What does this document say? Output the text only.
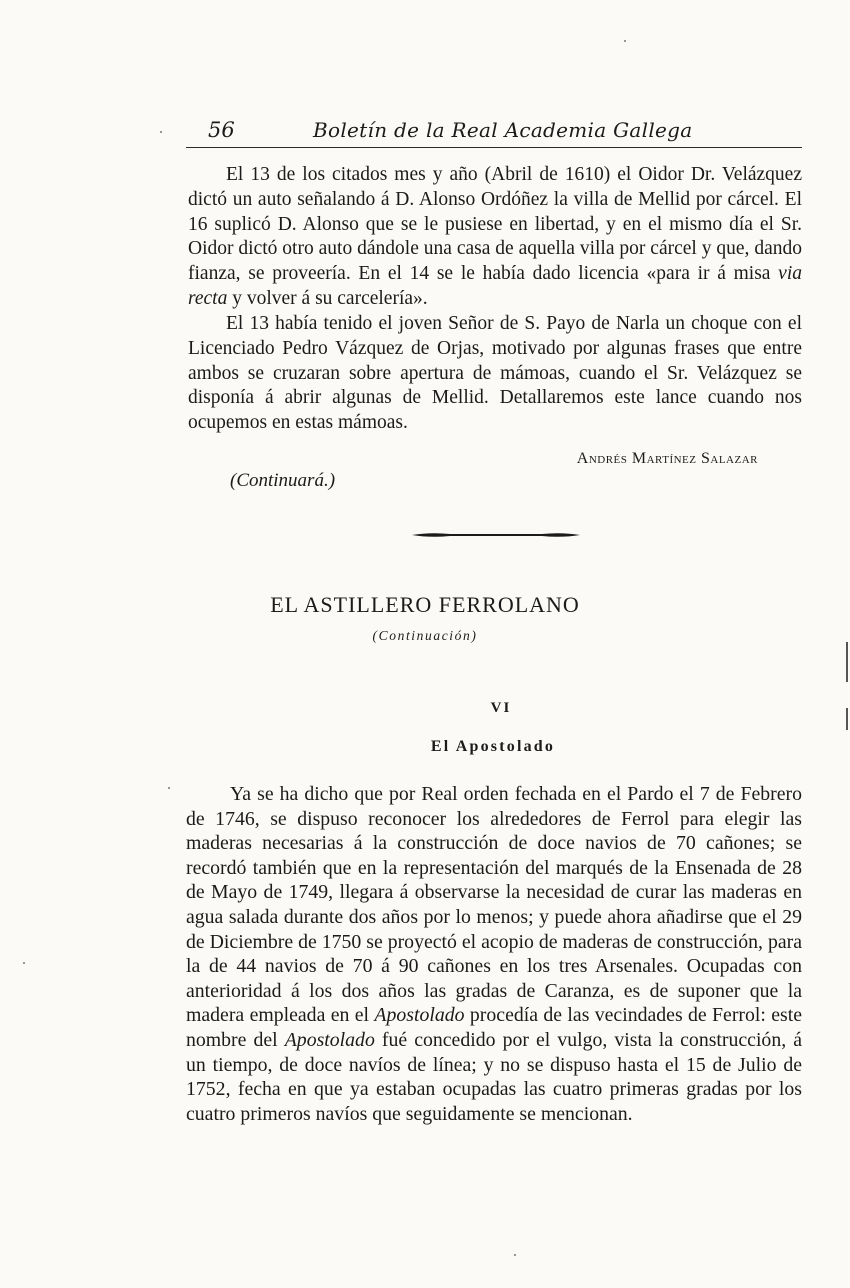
56	Boletín de la Real Academia Gallega

El 13 de los citados mes y año (Abril de 1610) el Oidor Dr. Velázquez dictó un auto señalando á D. Alonso Ordóñez la villa de Mellid por cárcel. El 16 suplicó D. Alonso que se le pusiese en libertad, y en el mismo día el Sr. Oidor dictó otro auto dándole una casa de aquella villa por cárcel y que, dando fianza, se proveería. En el 14 se le había dado licencia «para ir á misa via recta y volver á su carcelería».

El 13 había tenido el joven Señor de S. Payo de Narla un choque con el Licenciado Pedro Vázquez de Orjas, motivado por algunas frases que entre ambos se cruzaran sobre apertura de mámoas, cuando el Sr. Velázquez se disponía á abrir algunas de Mellid. Detallaremos este lance cuando nos ocupemos en estas mámoas.

Andrés Martínez Salazar
(Continuará.)
EL ASTILLERO FERROLANO
(Continuación)
VI
El Apostolado

Ya se ha dicho que por Real orden fechada en el Pardo el 7 de Febrero de 1746, se dispuso reconocer los alrededores de Ferrol para elegir las maderas necesarias á la construcción de doce navios de 70 cañones; se recordó también que en la representación del marqués de la Ensenada de 28 de Mayo de 1749, llegara á observarse la necesidad de curar las maderas en agua salada durante dos años por lo menos; y puede ahora añadirse que el 29 de Diciembre de 1750 se proyectó el acopio de maderas de construcción, para la de 44 navios de 70 á 90 cañones en los tres Arsenales. Ocupadas con anterioridad á los dos años las gradas de Caranza, es de suponer que la madera empleada en el Apostolado procedía de las vecindades de Ferrol: este nombre del Apostolado fué concedido por el vulgo, vista la construcción, á un tiempo, de doce navíos de línea; y no se dispuso hasta el 15 de Julio de 1752, fecha en que ya estaban ocupadas las cuatro primeras gradas por los cuatro primeros navíos que seguidamente se mencionan.
